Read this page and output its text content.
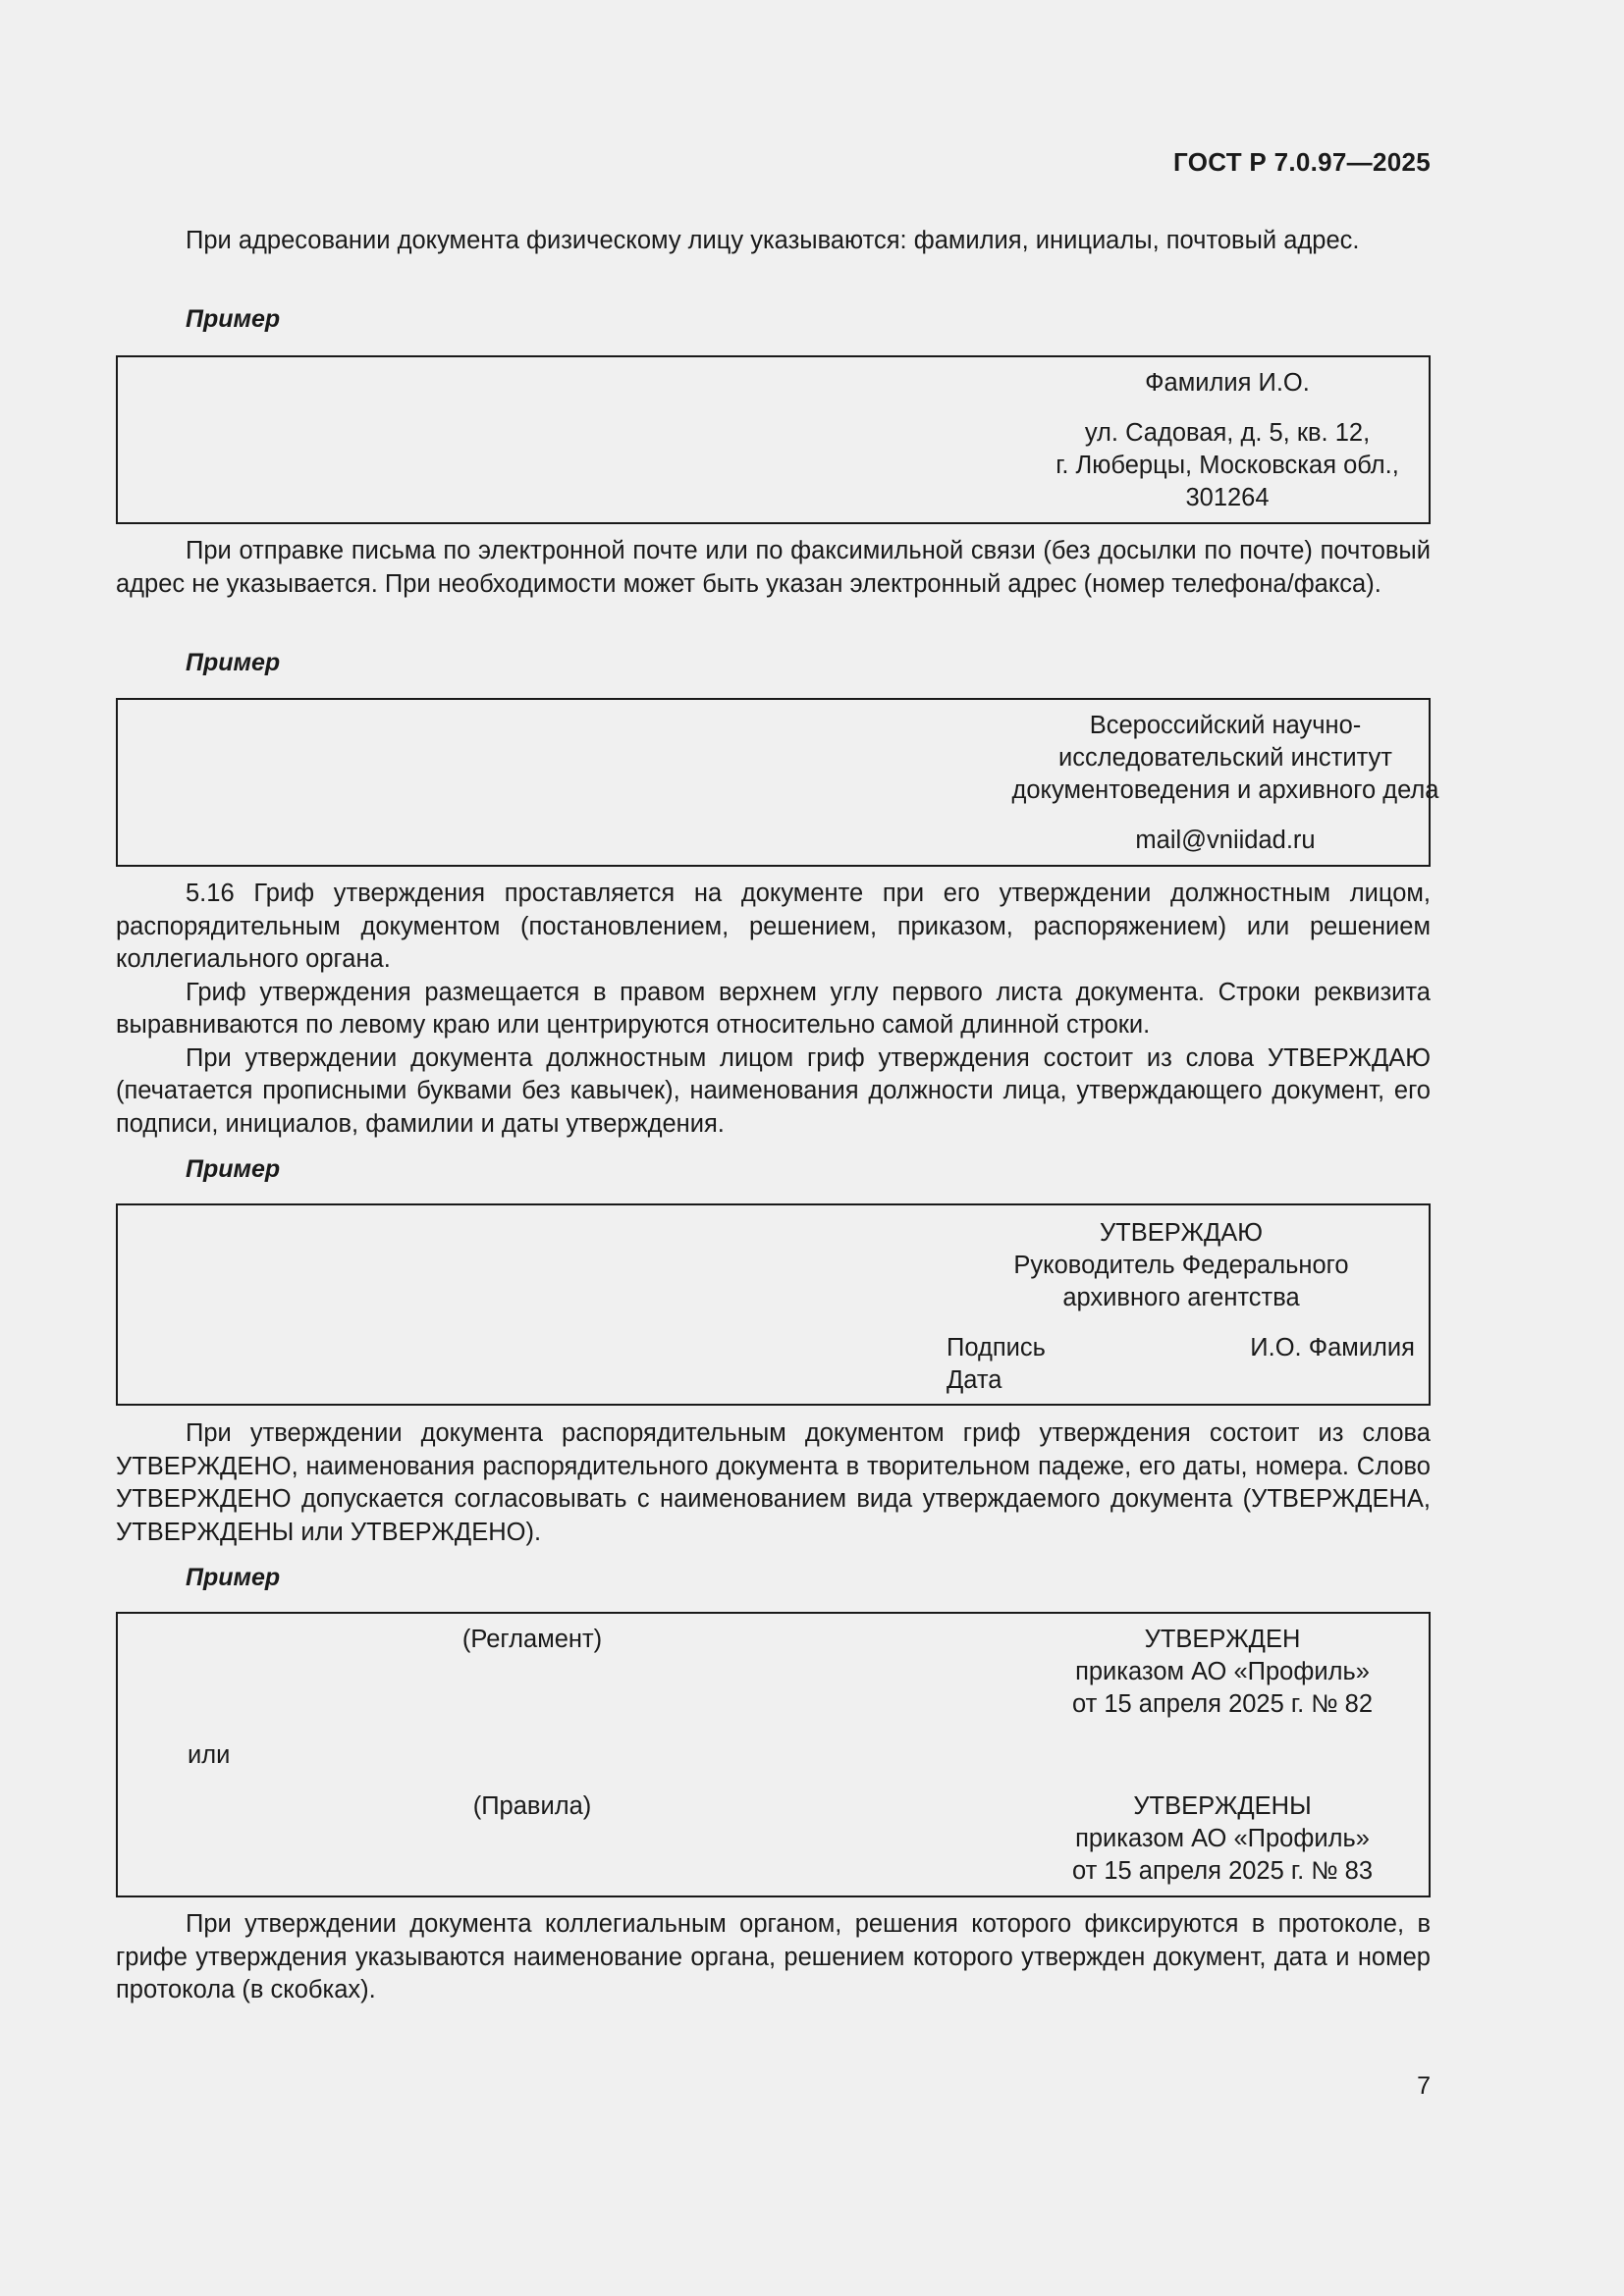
ГОСТ Р 7.0.97—2025

При адресовании документа физическому лицу указываются: фамилия, инициалы, почтовый адрес.

Пример
Фамилия И.О.
ул. Садовая, д. 5, кв. 12,
г. Люберцы, Московская обл.,
301264

При отправке письма по электронной почте или по факсимильной связи (без досылки по почте) почтовый адрес не указывается. При необходимости может быть указан электронный адрес (номер телефона/факса).

Пример
Всероссийский научно-
исследовательский институт
документоведения и архивного дела
mail@vniidad.ru

5.16 Гриф утверждения проставляется на документе при его утверждении должностным лицом, распорядительным документом (постановлением, решением, приказом, распоряжением) или решением коллегиального органа.

Гриф утверждения размещается в правом верхнем углу первого листа документа. Строки реквизита выравниваются по левому краю или центрируются относительно самой длинной строки.

При утверждении документа должностным лицом гриф утверждения состоит из слова УТВЕРЖДАЮ (печатается прописными буквами без кавычек), наименования должности лица, утверждающего документ, его подписи, инициалов, фамилии и даты утверждения.

Пример
УТВЕРЖДАЮ
Руководитель Федерального
архивного агентства
Подпись	И.О. Фамилия
Дата

При утверждении документа распорядительным документом гриф утверждения состоит из слова УТВЕРЖДЕНО, наименования распорядительного документа в творительном падеже, его даты, номера. Слово УТВЕРЖДЕНО допускается согласовывать с наименованием вида утверждаемого документа (УТВЕРЖДЕНА, УТВЕРЖДЕНЫ или УТВЕРЖДЕНО).

Пример
(Регламент)	УТВЕРЖДЕН
приказом АО «Профиль»
от 15 апреля 2025 г. № 82
или
(Правила)	УТВЕРЖДЕНЫ
приказом АО «Профиль»
от 15 апреля 2025 г. № 83

При утверждении документа коллегиальным органом, решения которого фиксируются в протоколе, в грифе утверждения указываются наименование органа, решением которого утвержден документ, дата и номер протокола (в скобках).

7
